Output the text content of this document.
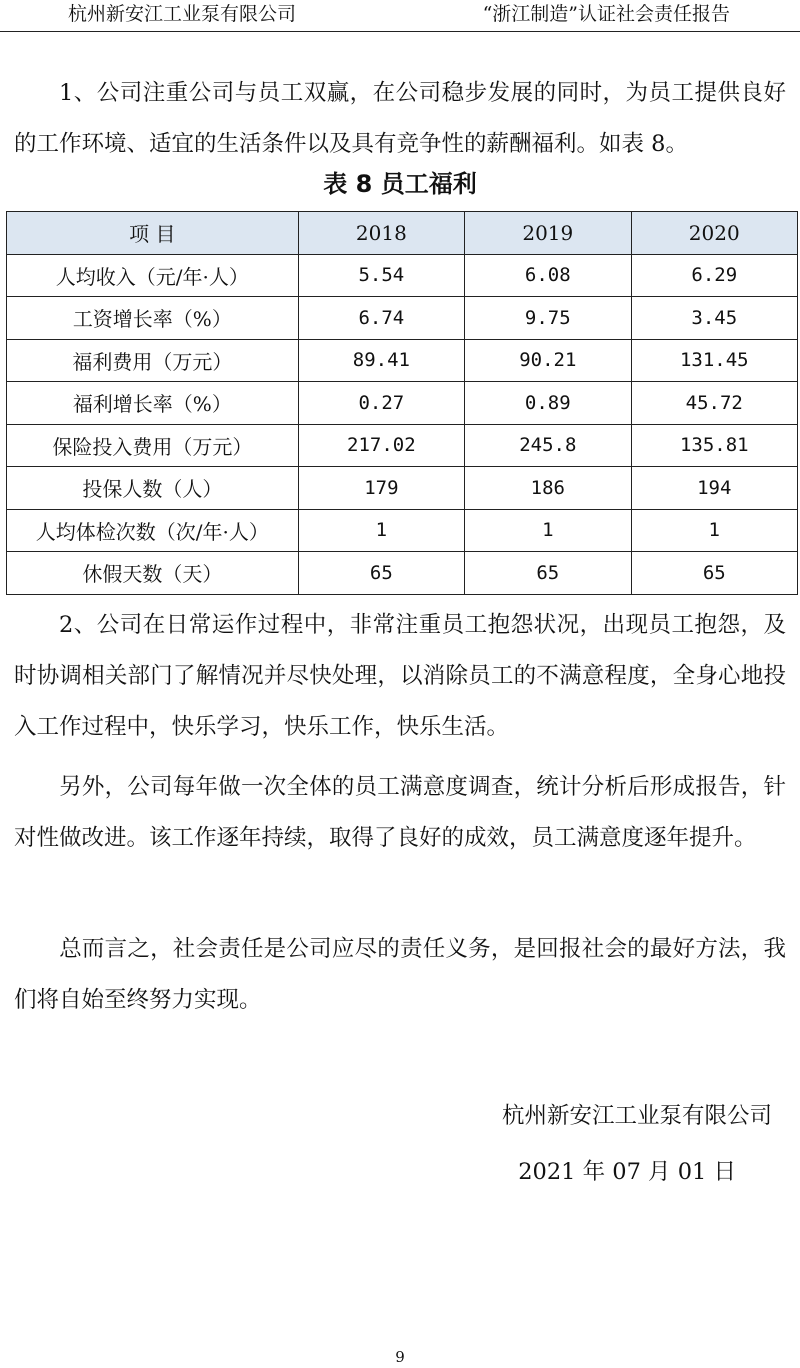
杭州新安江工业泵有限公司	“浙江制造”认证社会责任报告

1、公司注重公司与员工双赢，在公司稳步发展的同时，为员工提供良好的工作环境、适宜的生活条件以及具有竞争性的薪酬福利。如表 8。

表 8 员工福利
项 目	2018	2019	2020
人均收入（元/年·人）	5.54	6.08	6.29
工资增长率（%）	6.74	9.75	3.45
福利费用（万元）	89.41	90.21	131.45
福利增长率（%）	0.27	0.89	45.72
保险投入费用（万元）	217.02	245.8	135.81
投保人数（人）	179	186	194
人均体检次数（次/年·人）	1	1	1
休假天数（天）	65	65	65

2、公司在日常运作过程中，非常注重员工抱怨状况，出现员工抱怨，及时协调相关部门了解情况并尽快处理，以消除员工的不满意程度，全身心地投入工作过程中，快乐学习，快乐工作，快乐生活。

另外，公司每年做一次全体的员工满意度调查，统计分析后形成报告，针对性做改进。该工作逐年持续，取得了良好的成效，员工满意度逐年提升。

总而言之，社会责任是公司应尽的责任义务，是回报社会的最好方法，我们将自始至终努力实现。

杭州新安江工业泵有限公司
2021 年 07 月 01 日
9
